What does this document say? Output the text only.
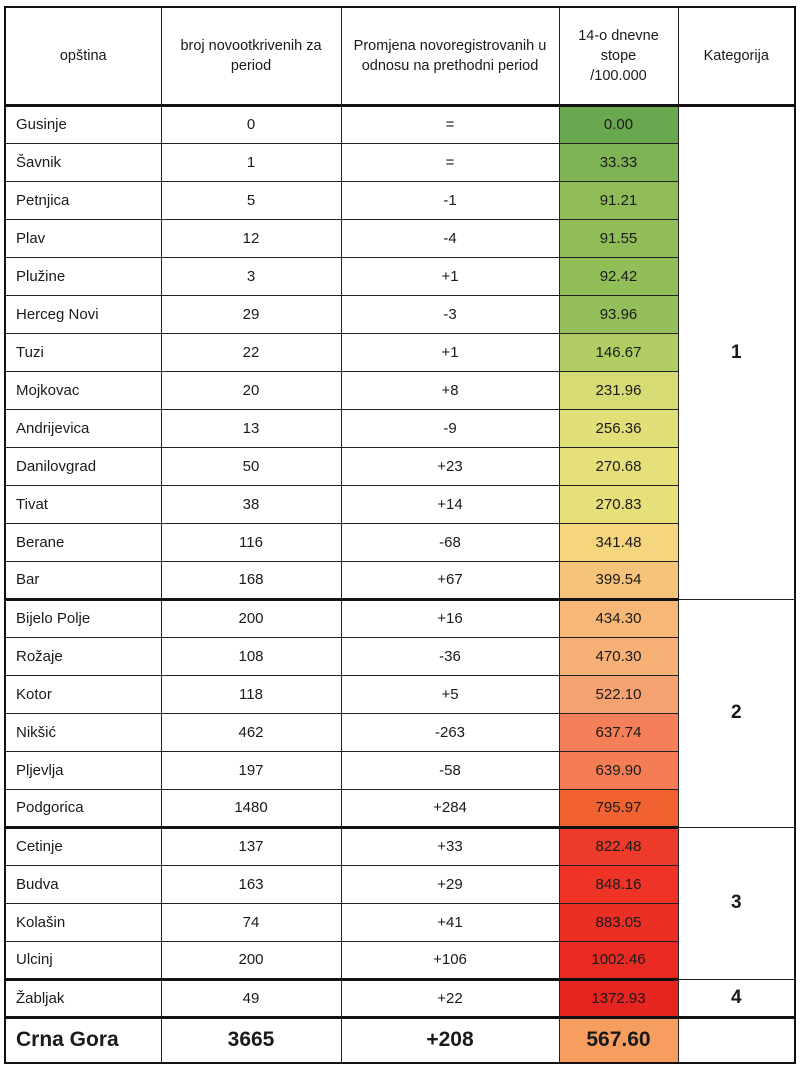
opština	broj novootkrivenih za period	Promjena novoregistrovanih u odnosu na prethodni period	14-o dnevne stope /100.000	Kategorija
Gusinje	0	=	0.00	1
Šavnik	1	=	33.33	
Petnjica	5	-1	91.21	
Plav	12	-4	91.55	
Plužine	3	+1	92.42	
Herceg Novi	29	-3	93.96	
Tuzi	22	+1	146.67	
Mojkovac	20	+8	231.96	
Andrijevica	13	-9	256.36	
Danilovgrad	50	+23	270.68	
Tivat	38	+14	270.83	
Berane	116	-68	341.48	
Bar	168	+67	399.54	
Bijelo Polje	200	+16	434.30	2
Rožaje	108	-36	470.30	
Kotor	118	+5	522.10	
Nikšić	462	-263	637.74	
Pljevlja	197	-58	639.90	
Podgorica	1480	+284	795.97	
Cetinje	137	+33	822.48	3
Budva	163	+29	848.16	
Kolašin	74	+41	883.05	
Ulcinj	200	+106	1002.46	
Žabljak	49	+22	1372.93	4
Crna Gora	3665	+208	567.60	
